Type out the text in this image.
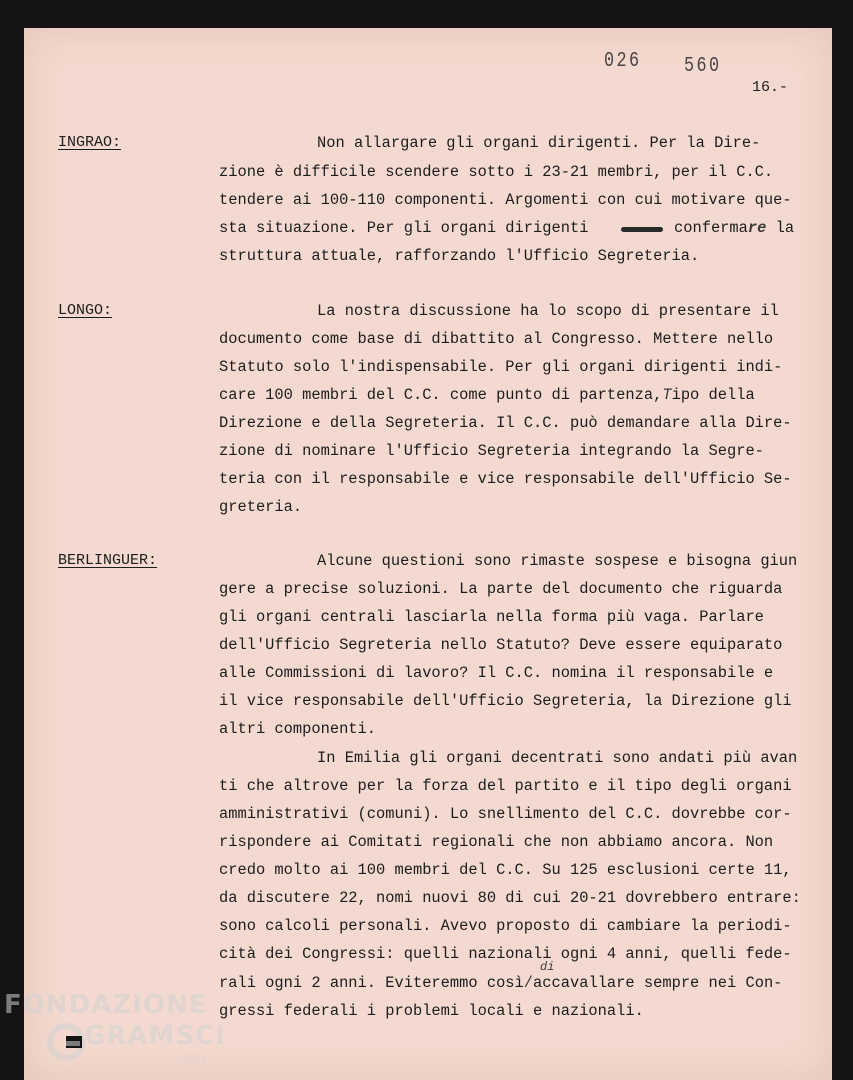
026 560
16.-
INGRAO:	Non allargare gli organi dirigenti. Per la Dire-
zione è difficile scendere sotto i 23-21 membri, per il C.C.
tendere ai 100-110 componenti. Argomenti con cui motivare que-
sta situazione. Per gli organi dirigenti	confermare la
struttura attuale, rafforzando l'Ufficio Segreteria.
LONGO:	La nostra discussione ha lo scopo di presentare il
documento come base di dibattito al Congresso. Mettere nello
Statuto solo l'indispensabile. Per gli organi dirigenti indi-
care 100 membri del C.C. come punto di partenza,Tipo della
Direzione e della Segreteria. Il C.C. può demandare alla Dire-
zione di nominare l'Ufficio Segreteria integrando la Segre-
teria con il responsabile e vice responsabile dell'Ufficio Se-
greteria.
BERLINGUER:	Alcune questioni sono rimaste sospese e bisogna giun
gere a precise soluzioni. La parte del documento che riguarda
gli organi centrali lasciarla nella forma più vaga. Parlare
dell'Ufficio Segreteria nello Statuto? Deve essere equiparato
alle Commissioni di lavoro? Il C.C. nomina il responsabile e
il vice responsabile dell'Ufficio Segreteria, la Direzione gli
altri componenti.
In Emilia gli organi decentrati sono andati più avan
ti che altrove per la forza del partito e il tipo degli organi
amministrativi (comuni). Lo snellimento del C.C. dovrebbe cor-
rispondere ai Comitati regionali che non abbiamo ancora. Non
credo molto ai 100 membri del C.C. Su 125 esclusioni certe 11,
da discutere 22, nomi nuovi 80 di cui 20-21 dovrebbero entrare:
sono calcoli personali. Avevo proposto di cambiare la periodi-
cità dei Congressi: quelli nazionali ogni 4 anni, quelli fede-
rali ogni 2 anni. Eviteremmo così/accavallare sempre nei Con-
di
gressi federali i problemi locali e nazionali.
FONDAZIONE
GRAMSCI
onlus
